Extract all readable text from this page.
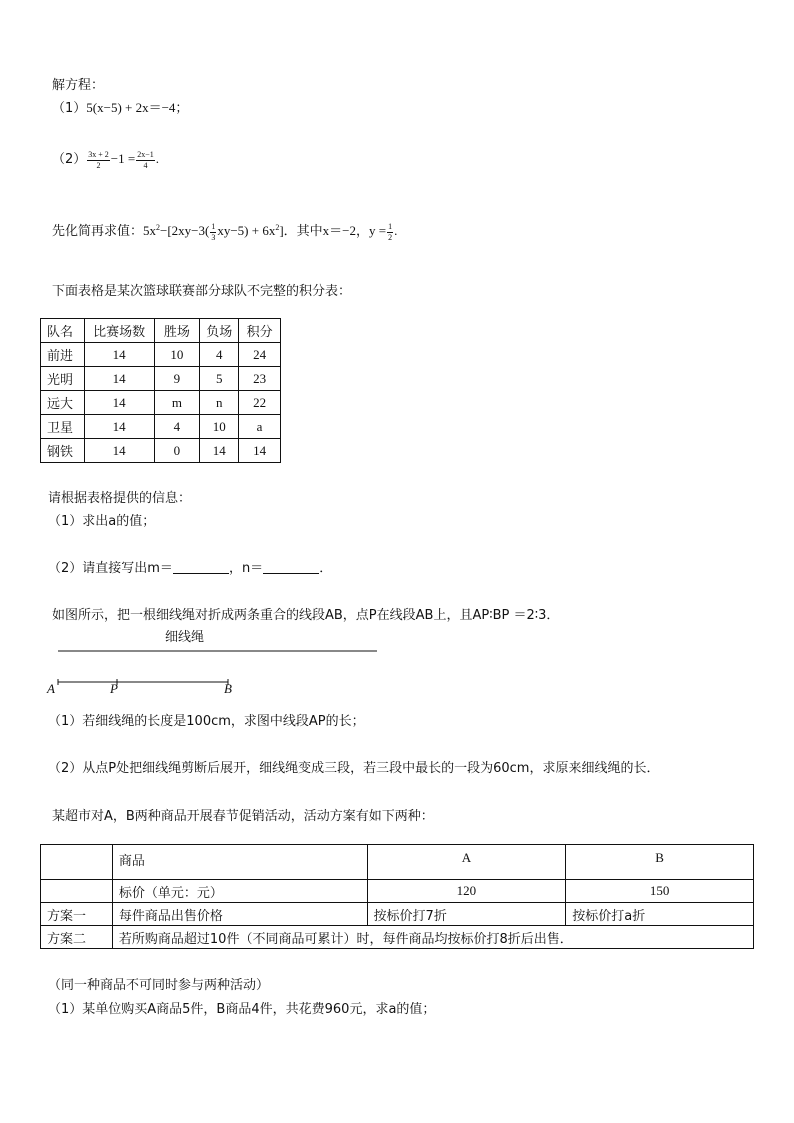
解方程：
（1）5(x−5) + 2x＝−4；
$(2) \frac{3x + 2}{2} -1 = \frac{2x-1}{4}$ .
先化简再求值：$5x^2-[2xy-3( \frac{1}{3} xy-5) + 6x^2]$．其中x＝−2，$y = \frac{1}{2}$ .
下面表格是某次篮球联赛部分球队不完整的积分表：
队名	比赛场数	胜场	负场	积分
前进	14	10	4	24
光明	14	9	5	23
远大	14	m	n	22
卫星	14	4	10	a
钢铁	14	0	14	14
请根据表格提供的信息：
（1）求出a的值；
（2）请直接写出m＝	，n＝	．
如图所示，把一根细线绳对折成两条重合的线段AB，点P在线段AB上，且AP∶BP ＝2∶3．
细线绳
A	P	B
（1）若细线绳的长度是100cm，求图中线段AP的长；
（2）从点P处把细线绳剪断后展开，细线绳变成三段，若三段中最长的一段为60cm，求原来细线绳的长．
某超市对A，B两种商品开展春节促销活动，活动方案有如下两种：
	商品	A	B
	标价（单元：元）	120	150
方案一	每件商品出售价格	按标价打7折	按标价打a折
方案二	若所购商品超过10件（不同商品可累计）时，每件商品均按标价打8折后出售．		
（同一种商品不可同时参与两种活动）
（1）某单位购买A商品5件，B商品4件，共花费960元，求a的值；
